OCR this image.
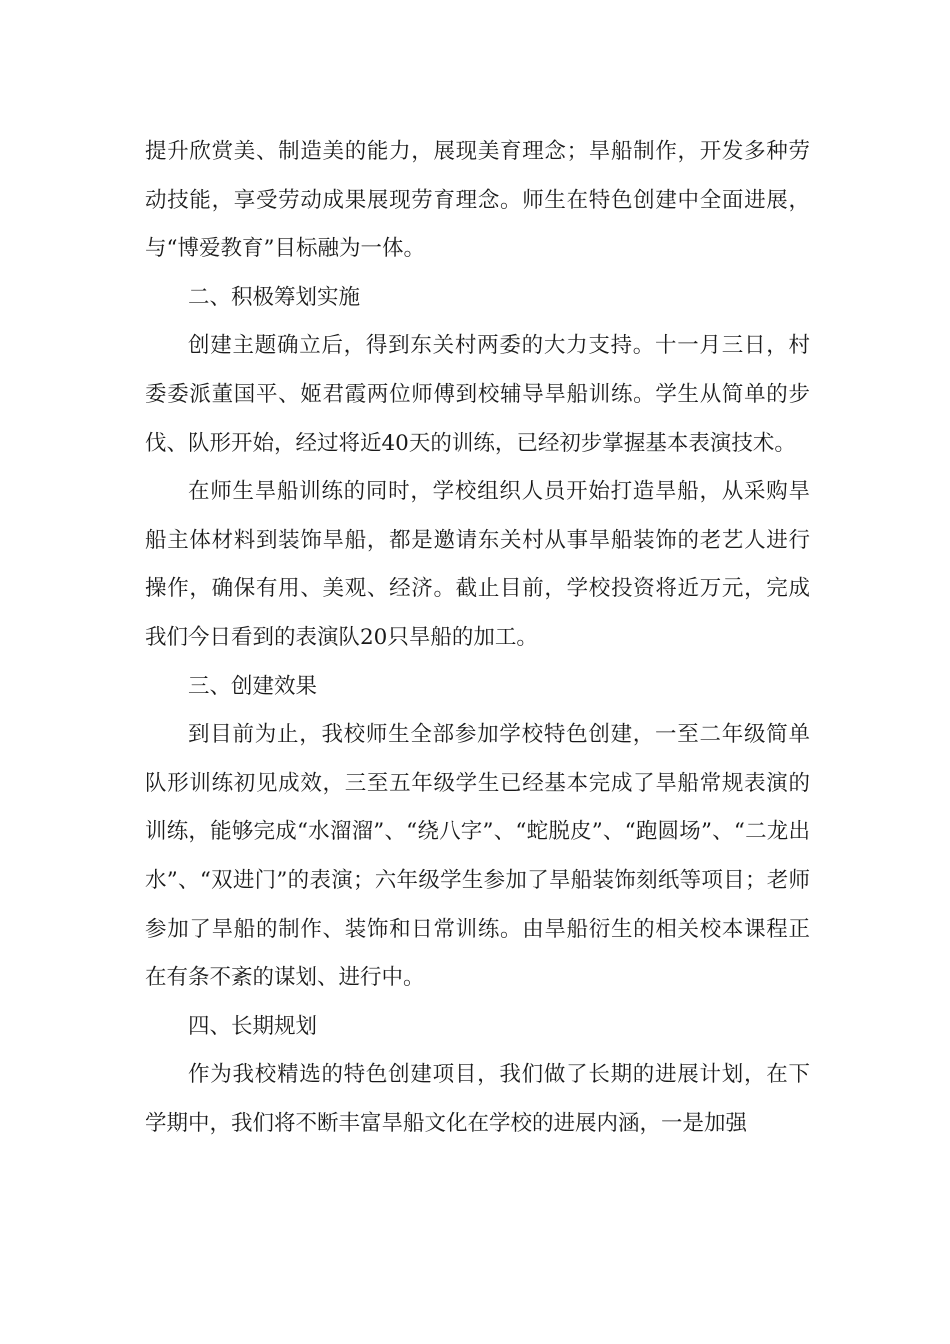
提升欣赏美、制造美的能力，展现美育理念；旱船制作，开发多种劳动技能，享受劳动成果展现劳育理念。师生在特色创建中全面进展，与“博爱教育”目标融为一体。

二、积极筹划实施

创建主题确立后，得到东关村两委的大力支持。十一月三日，村委委派董国平、姬君霞两位师傅到校辅导旱船训练。学生从简单的步伐、队形开始，经过将近40天的训练，已经初步掌握基本表演技术。

在师生旱船训练的同时，学校组织人员开始打造旱船，从采购旱船主体材料到装饰旱船，都是邀请东关村从事旱船装饰的老艺人进行操作，确保有用、美观、经济。截止目前，学校投资将近万元，完成我们今日看到的表演队20只旱船的加工。

三、创建效果

到目前为止，我校师生全部参加学校特色创建，一至二年级简单队形训练初见成效，三至五年级学生已经基本完成了旱船常规表演的训练，能够完成“水溜溜”、“绕八字”、“蛇脱皮”、“跑圆场”、“二龙出水”、“双进门”的表演；六年级学生参加了旱船装饰刻纸等项目；老师参加了旱船的制作、装饰和日常训练。由旱船衍生的相关校本课程正在有条不紊的谋划、进行中。

四、长期规划

作为我校精选的特色创建项目，我们做了长期的进展计划，在下学期中，我们将不断丰富旱船文化在学校的进展内涵，一是加强
